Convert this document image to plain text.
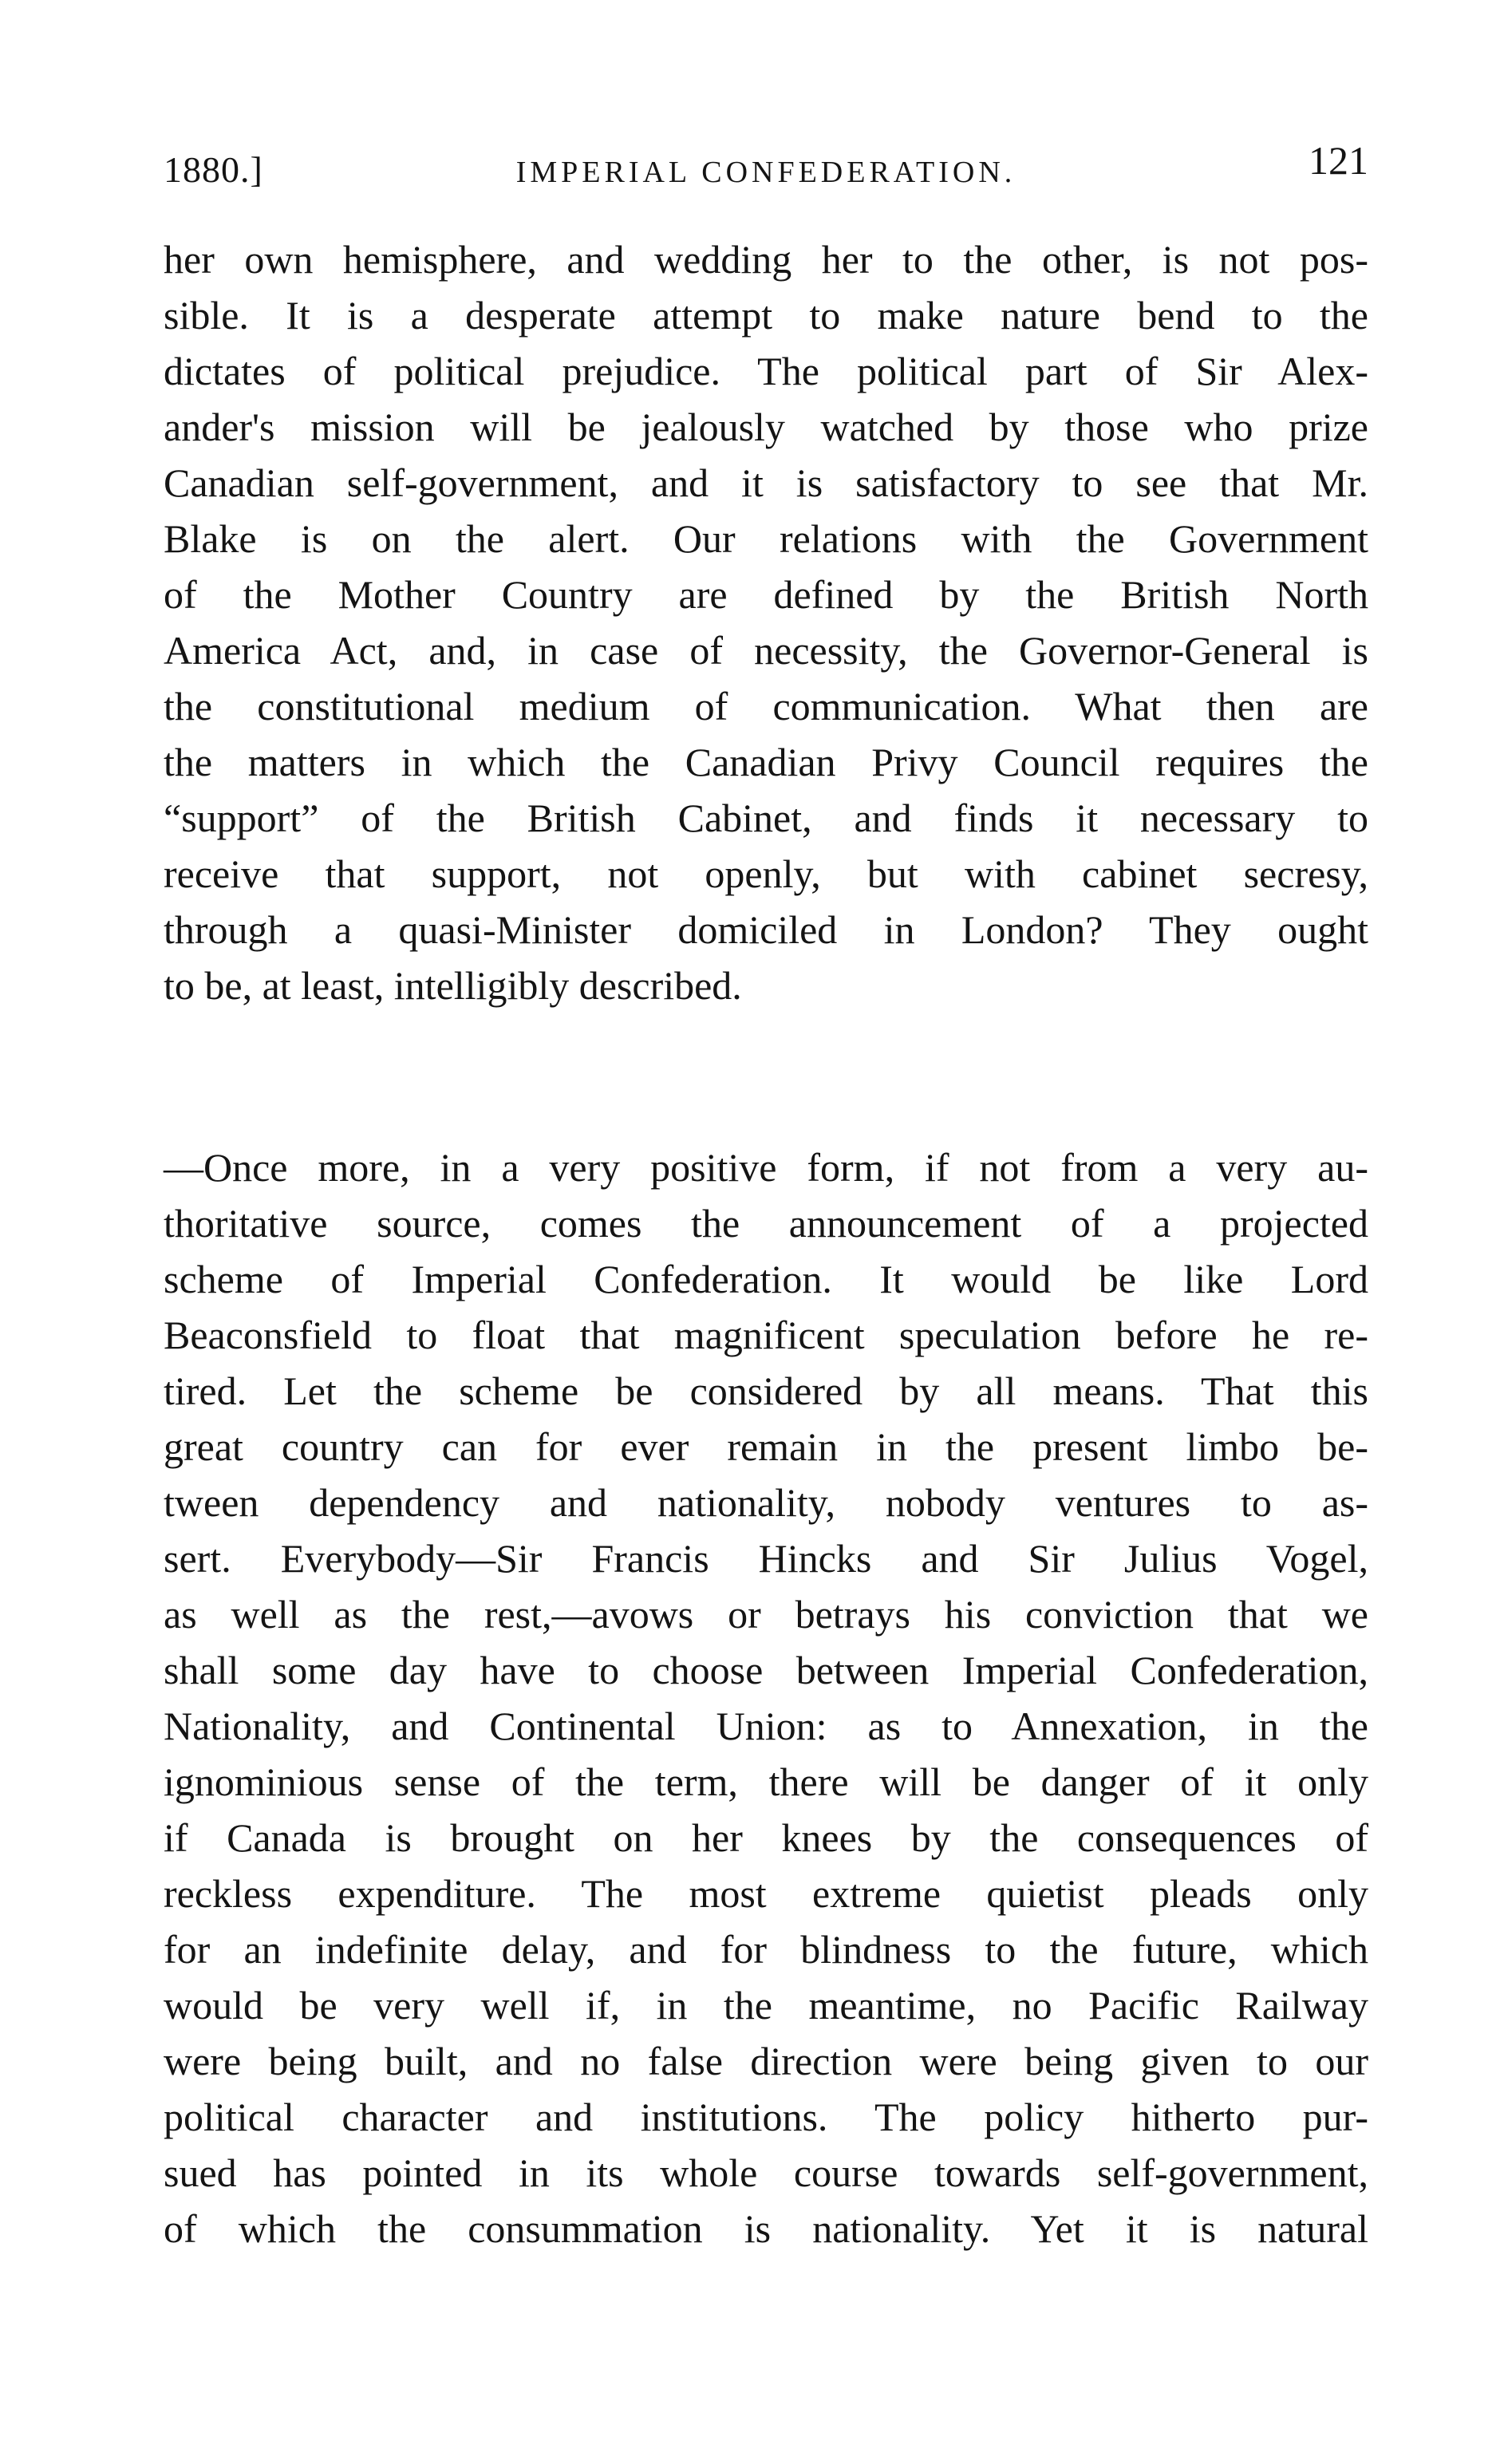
1880.]	IMPERIAL CONFEDERATION.	121
her own hemisphere, and wedding her to the other, is not pos-
sible. It is a desperate attempt to make nature bend to the
dictates of political prejudice. The political part of Sir Alex-
ander's mission will be jealously watched by those who prize
Canadian self-government, and it is satisfactory to see that Mr.
Blake is on the alert. Our relations with the Government
of the Mother Country are defined by the British North
America Act, and, in case of necessity, the Governor-General is
the constitutional medium of communication. What then are
the matters in which the Canadian Privy Council requires the
“support” of the British Cabinet, and finds it necessary to
receive that support, not openly, but with cabinet secresy,
through a quasi-Minister domiciled in London? They ought
to be, at least, intelligibly described.
—Once more, in a very positive form, if not from a very au-
thoritative source, comes the announcement of a projected
scheme of Imperial Confederation. It would be like Lord
Beaconsfield to float that magnificent speculation before he re-
tired. Let the scheme be considered by all means. That this
great country can for ever remain in the present limbo be-
tween dependency and nationality, nobody ventures to as-
sert. Everybody—Sir Francis Hincks and Sir Julius Vogel,
as well as the rest,—avows or betrays his conviction that we
shall some day have to choose between Imperial Confederation,
Nationality, and Continental Union: as to Annexation, in the
ignominious sense of the term, there will be danger of it only
if Canada is brought on her knees by the consequences of
reckless expenditure. The most extreme quietist pleads only
for an indefinite delay, and for blindness to the future, which
would be very well if, in the meantime, no Pacific Railway
were being built, and no false direction were being given to our
political character and institutions. The policy hitherto pur-
sued has pointed in its whole course towards self-government,
of which the consummation is nationality. Yet it is natural
